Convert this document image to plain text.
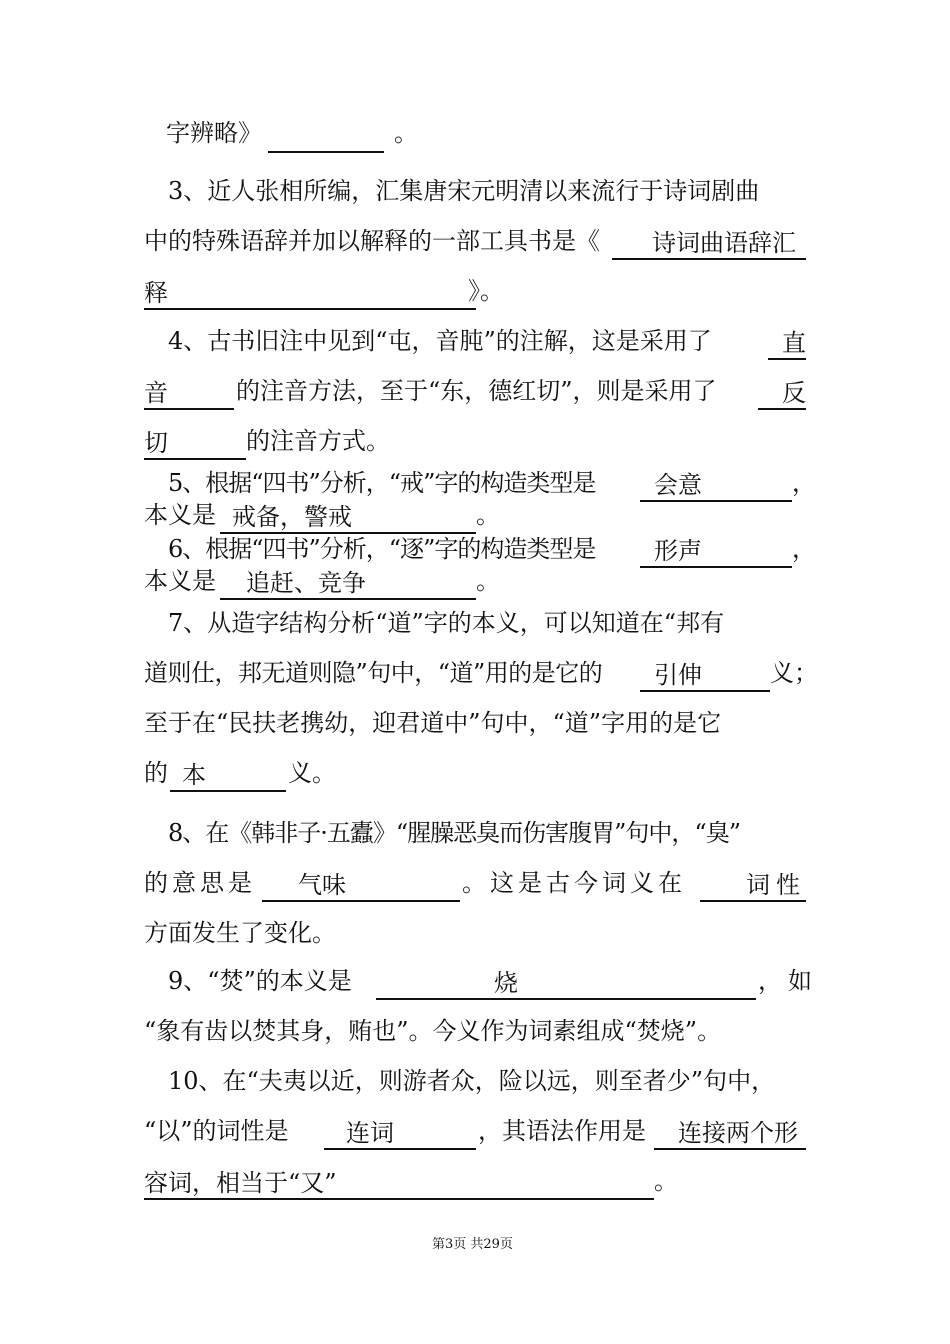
字辨略》	。
3、近人张相所编，汇集唐宋元明清以来流行于诗词剧曲
中的特殊语辞并加以解释的一部工具书是《	诗词曲语辞汇
释	》。
4、古书旧注中见到“屯，音肫”的注解，这是采用了	直
音	的注音方法，至于“东，德红切”，则是采用了	反
切	的注音方式。
5、根据“四书”分析，“戒”字的构造类型是	会意	，
本义是 戒备，警戒	。
6、根据“四书”分析，“逐”字的构造类型是	形声	，
本义是	追赶、竞争	。
7、从造字结构分析“道”字的本义，可以知道在“邦有
道则仕，邦无道则隐”句中，“道”用的是它的	引伸	义；
至于在“民扶老携幼，迎君道中”句中，“道”字用的是它
的 本	义。
8、在《韩非子·五蠹》“腥臊恶臭而伤害腹胃”句中，“臭”
的意思是	气味	。这是古今词义在	词性
方面发生了变化。
9、“焚”的本义是	烧	，如
“象有齿以焚其身，贿也”。今义作为词素组成“焚烧”。
10、在“夫夷以近，则游者众，险以远，则至者少”句中，
“以”的词性是	连词	，其语法作用是	连接两个形
容词，相当于“又”	。
第3页 共29页
